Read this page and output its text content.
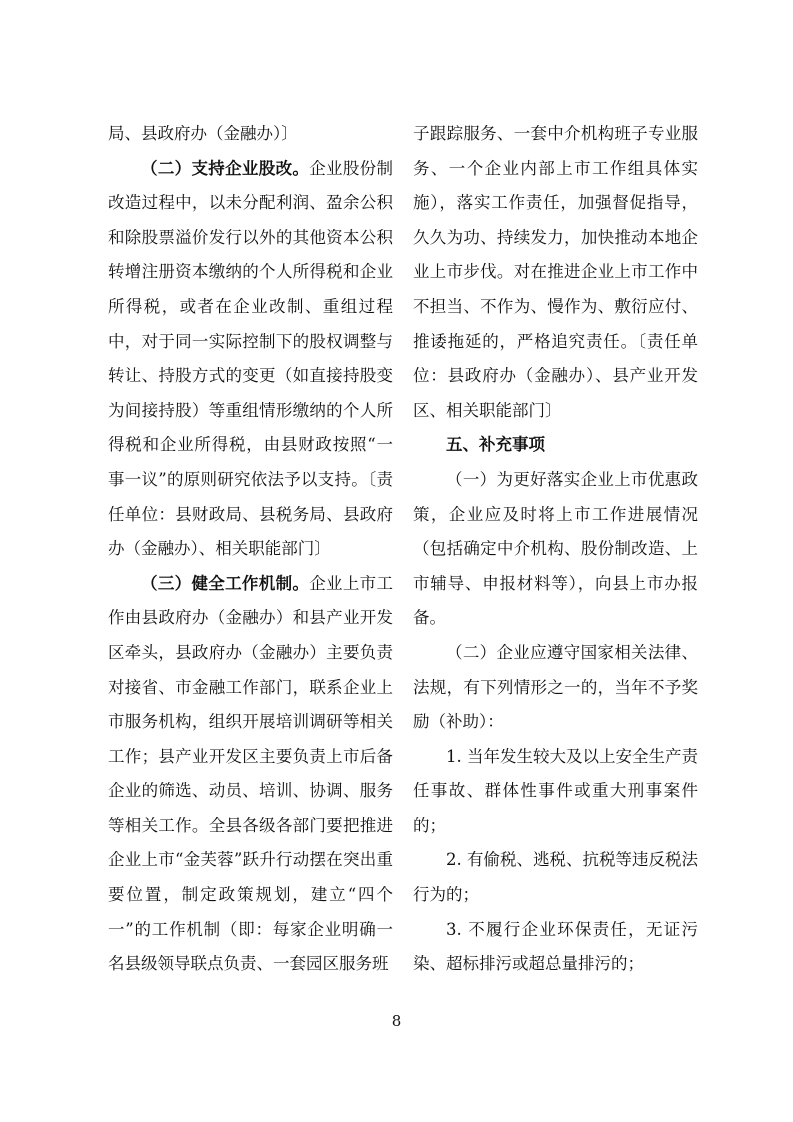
局、县政府办（金融办）〕

（二）支持企业股改。企业股份制改造过程中，以未分配利润、盈余公积和除股票溢价发行以外的其他资本公积转增注册资本缴纳的个人所得税和企业所得税，或者在企业改制、重组过程中，对于同一实际控制下的股权调整与转让、持股方式的变更（如直接持股变为间接持股）等重组情形缴纳的个人所得税和企业所得税，由县财政按照“一事一议”的原则研究依法予以支持。〔责任单位：县财政局、县税务局、县政府办（金融办）、相关职能部门〕

（三）健全工作机制。企业上市工作由县政府办（金融办）和县产业开发区牵头，县政府办（金融办）主要负责对接省、市金融工作部门，联系企业上市服务机构，组织开展培训调研等相关工作；县产业开发区主要负责上市后备企业的筛选、动员、培训、协调、服务等相关工作。全县各级各部门要把推进企业上市“金芙蓉”跃升行动摆在突出重要位置，制定政策规划，建立“四个一”的工作机制（即：每家企业明确一名县级领导联点负责、一套园区服务班

子跟踪服务、一套中介机构班子专业服务、一个企业内部上市工作组具体实施），落实工作责任，加强督促指导，久久为功、持续发力，加快推动本地企业上市步伐。对在推进企业上市工作中不担当、不作为、慢作为、敷衍应付、推诿拖延的，严格追究责任。〔责任单位：县政府办（金融办）、县产业开发区、相关职能部门〕

五、补充事项

（一）为更好落实企业上市优惠政策，企业应及时将上市工作进展情况（包括确定中介机构、股份制改造、上市辅导、申报材料等），向县上市办报备。

（二）企业应遵守国家相关法律、法规，有下列情形之一的，当年不予奖励（补助）：

1. 当年发生较大及以上安全生产责任事故、群体性事件或重大刑事案件的；

2. 有偷税、逃税、抗税等违反税法行为的；

3. 不履行企业环保责任，无证污染、超标排污或超总量排污的；

8
